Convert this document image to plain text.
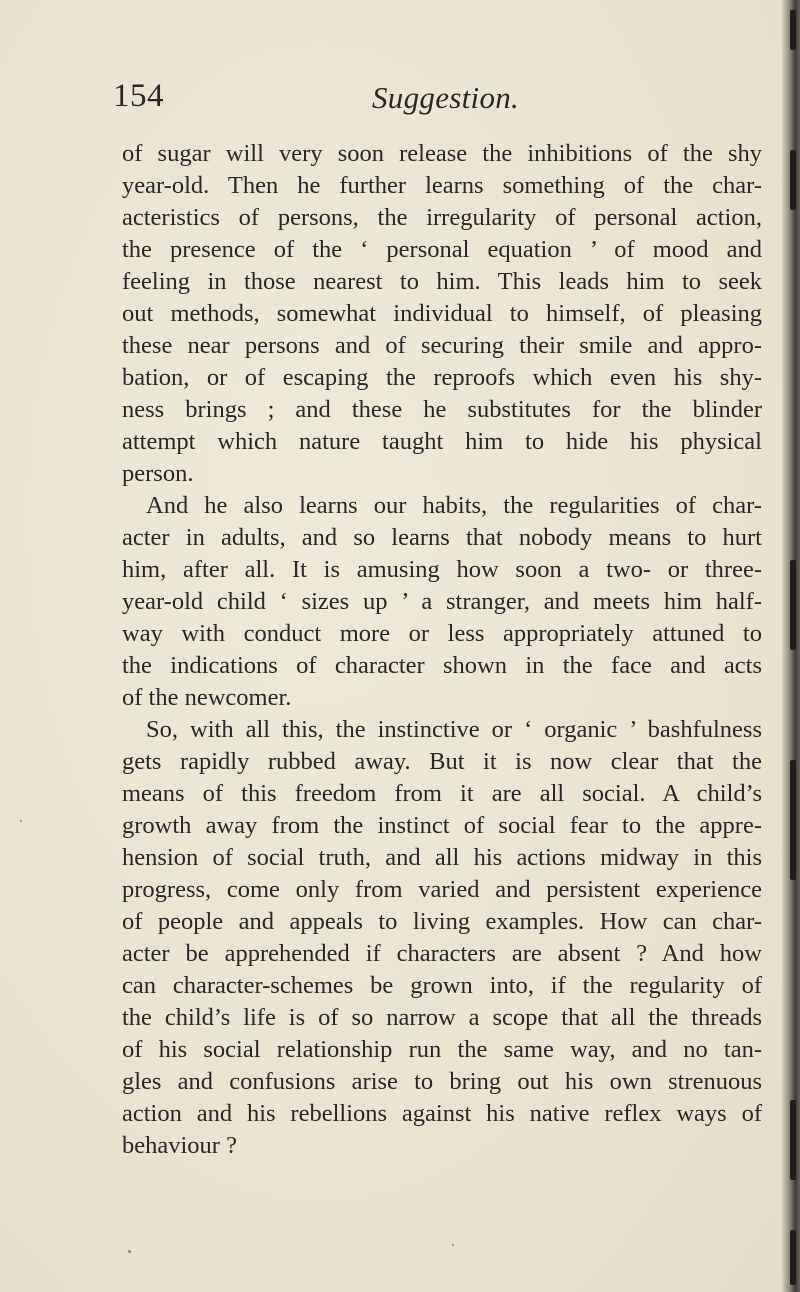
154	Suggestion.
of sugar will very soon release the inhibitions of the shy
year-old. Then he further learns something of the char-
acteristics of persons, the irregularity of personal action,
the presence of the ‘ personal equation ’ of mood and
feeling in those nearest to him. This leads him to seek
out methods, somewhat individual to himself, of pleasing
these near persons and of securing their smile and appro-
bation, or of escaping the reproofs which even his shy-
ness brings ; and these he substitutes for the blinder
attempt which nature taught him to hide his physical
person.
And he also learns our habits, the regularities of char-
acter in adults, and so learns that nobody means to hurt
him, after all. It is amusing how soon a two- or three-
year-old child ‘ sizes up ’ a stranger, and meets him half-
way with conduct more or less appropriately attuned to
the indications of character shown in the face and acts
of the newcomer.
So, with all this, the instinctive or ‘ organic ’ bashfulness
gets rapidly rubbed away. But it is now clear that the
means of this freedom from it are all social. A child’s
growth away from the instinct of social fear to the appre-
hension of social truth, and all his actions midway in this
progress, come only from varied and persistent experience
of people and appeals to living examples. How can char-
acter be apprehended if characters are absent ? And how
can character-schemes be grown into, if the regularity of
the child’s life is of so narrow a scope that all the threads
of his social relationship run the same way, and no tan-
gles and confusions arise to bring out his own strenuous
action and his rebellions against his native reflex ways of
behaviour ?
